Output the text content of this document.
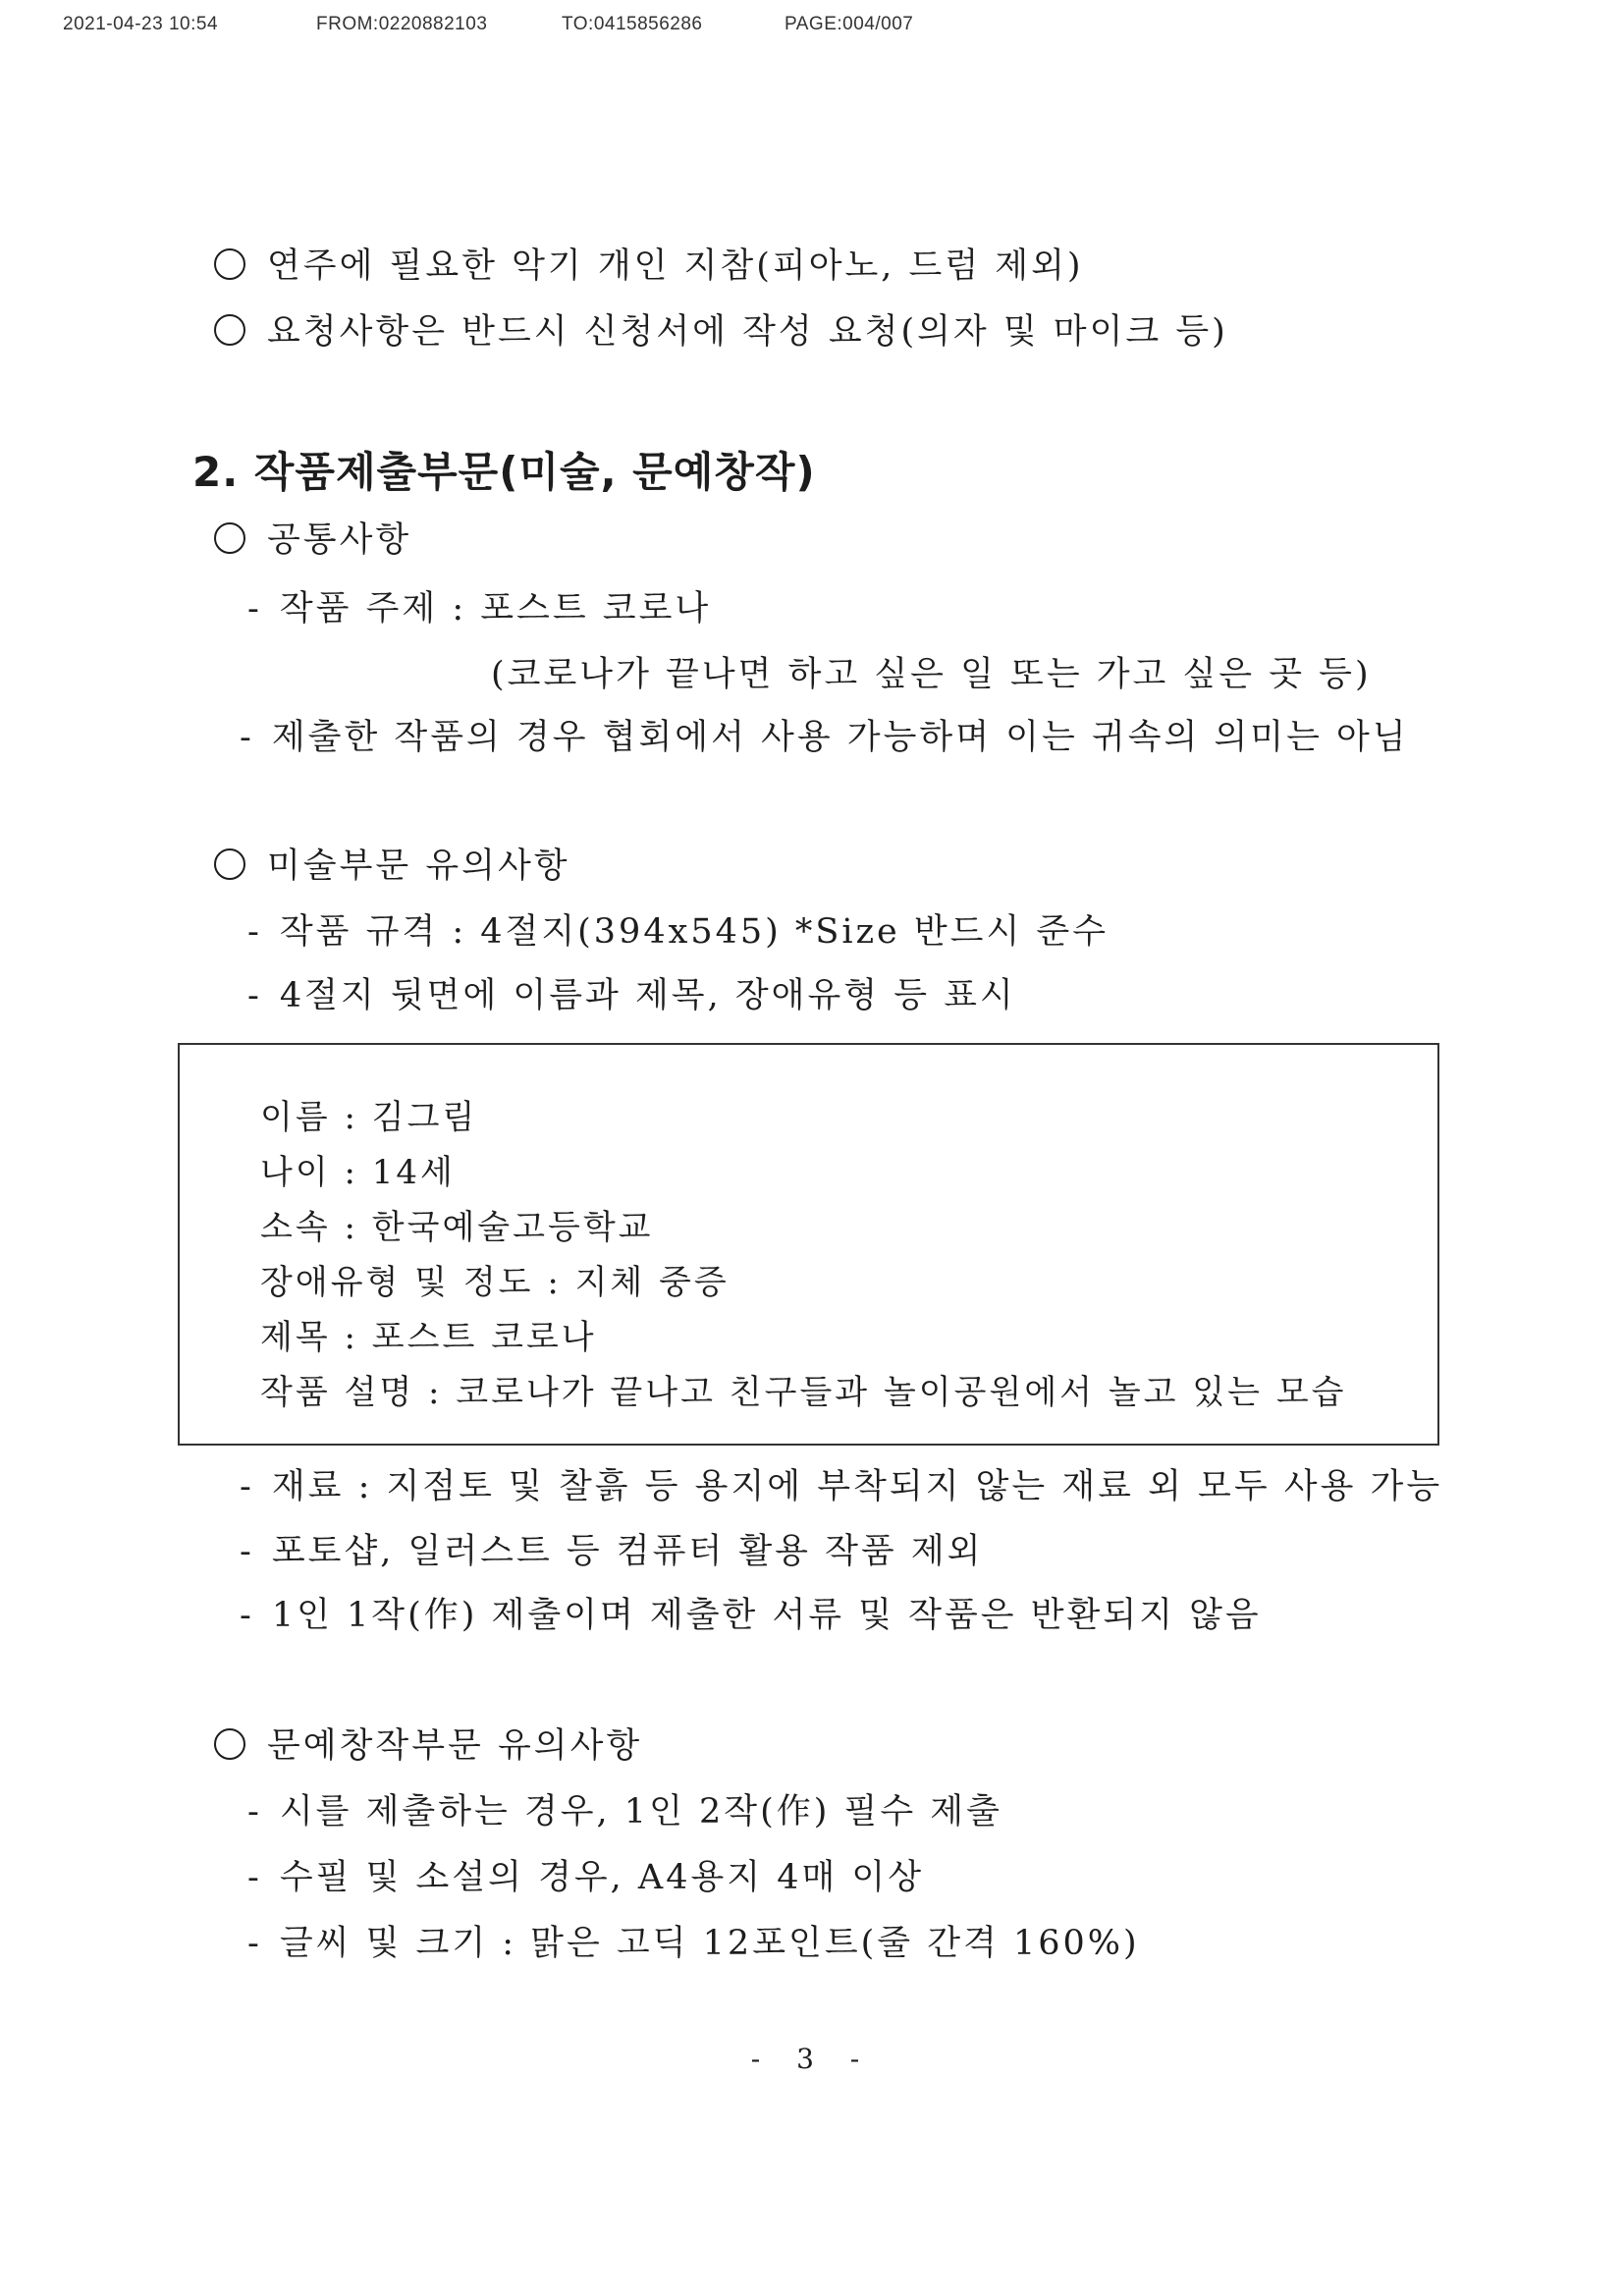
2021-04-23 10:54	FROM:0220882103	TO:0415856286	PAGE:004/007
연주에 필요한 악기 개인 지참(피아노, 드럼 제외)
요청사항은 반드시 신청서에 작성 요청(의자 및 마이크 등)
2. 작품제출부문(미술, 문예창작)
공통사항
- 작품 주제 : 포스트 코로나
(코로나가 끝나면 하고 싶은 일 또는 가고 싶은 곳 등)
- 제출한 작품의 경우 협회에서 사용 가능하며 이는 귀속의 의미는 아님
미술부문 유의사항
- 작품 규격 : 4절지(394x545) *Size 반드시 준수
- 4절지 뒷면에 이름과 제목, 장애유형 등 표시
이름 : 김그림
나이 : 14세
소속 : 한국예술고등학교
장애유형 및 정도 : 지체 중증
제목 : 포스트 코로나
작품 설명 : 코로나가 끝나고 친구들과 놀이공원에서 놀고 있는 모습
- 재료 : 지점토 및 찰흙 등 용지에 부착되지 않는 재료 외 모두 사용 가능
- 포토샵, 일러스트 등 컴퓨터 활용 작품 제외
- 1인 1작(作) 제출이며 제출한 서류 및 작품은 반환되지 않음
문예창작부문 유의사항
- 시를 제출하는 경우, 1인 2작(作) 필수 제출
- 수필 및 소설의 경우, A4용지 4매 이상
- 글씨 및 크기 : 맑은 고딕 12포인트(줄 간격 160%)
- 3 -
